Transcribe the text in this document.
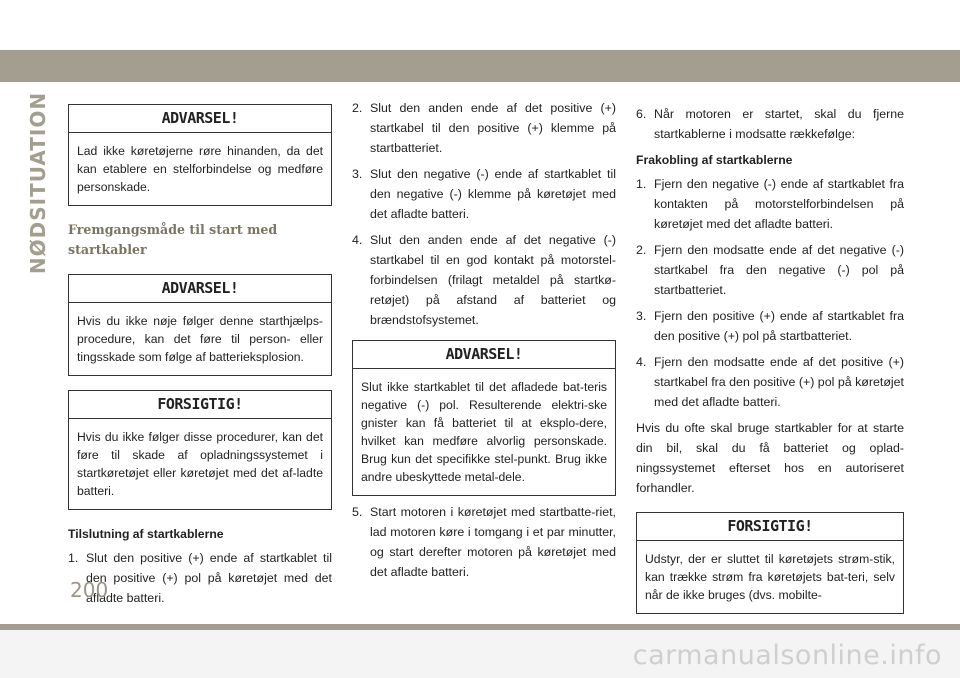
NØDSITUATION	ADVARSEL!
Lad ikke køretøjerne røre hinanden, da det kan etablere en stelforbindelse og medføre personskade.
Fremgangsmåde til start med startkabler
ADVARSEL!
Hvis du ikke nøje følger denne starthjælps-procedure, kan det føre til person- eller tingsskade som følge af batterieksplosion.
FORSIGTIG!
Hvis du ikke følger disse procedurer, kan det føre til skade af opladningssystemet i startkøretøjet eller køretøjet med det af-ladte batteri.
Tilslutning af startkablerne
1. Slut den positive (+) ende af startkablet til den positive (+) pol på køretøjet med det afladte batteri.
2. Slut den anden ende af det positive (+) startkabel til den positive (+) klemme på startbatteriet.
3. Slut den negative (-) ende af startkablet til den negative (-) klemme på køretøjet med det afladte batteri.
4. Slut den anden ende af det negative (-) startkabel til en god kontakt på motorstel-forbindelsen (frilagt metaldel på startkø-retøjet) på afstand af batteriet og brændstofsystemet.
ADVARSEL!
Slut ikke startkablet til det afladede bat-teris negative (-) pol. Resulterende elektri-ske gnister kan få batteriet til at eksplo-dere, hvilket kan medføre alvorlig personskade. Brug kun det specifikke stel-punkt. Brug ikke andre ubeskyttede metal-dele.
5. Start motoren i køretøjet med startbatte-riet, lad motoren køre i tomgang i et par minutter, og start derefter motoren på køretøjet med det afladte batteri.
6. Når motoren er startet, skal du fjerne startkablerne i modsatte rækkefølge:
Frakobling af startkablerne
1. Fjern den negative (-) ende af startkablet fra kontakten på motorstelforbindelsen på køretøjet med det afladte batteri.
2. Fjern den modsatte ende af det negative (-) startkabel fra den negative (-) pol på startbatteriet.
3. Fjern den positive (+) ende af startkablet fra den positive (+) pol på startbatteriet.
4. Fjern den modsatte ende af det positive (+) startkabel fra den positive (+) pol på køretøjet med det afladte batteri.
Hvis du ofte skal bruge startkabler for at starte din bil, skal du få batteriet og oplad-ningssystemet efterset hos en autoriseret forhandler.
FORSIGTIG!
Udstyr, der er sluttet til køretøjets strøm-stik, kan trække strøm fra køretøjets bat-teri, selv når de ikke bruges (dvs. mobilte-
200
carmanualsonline.info
